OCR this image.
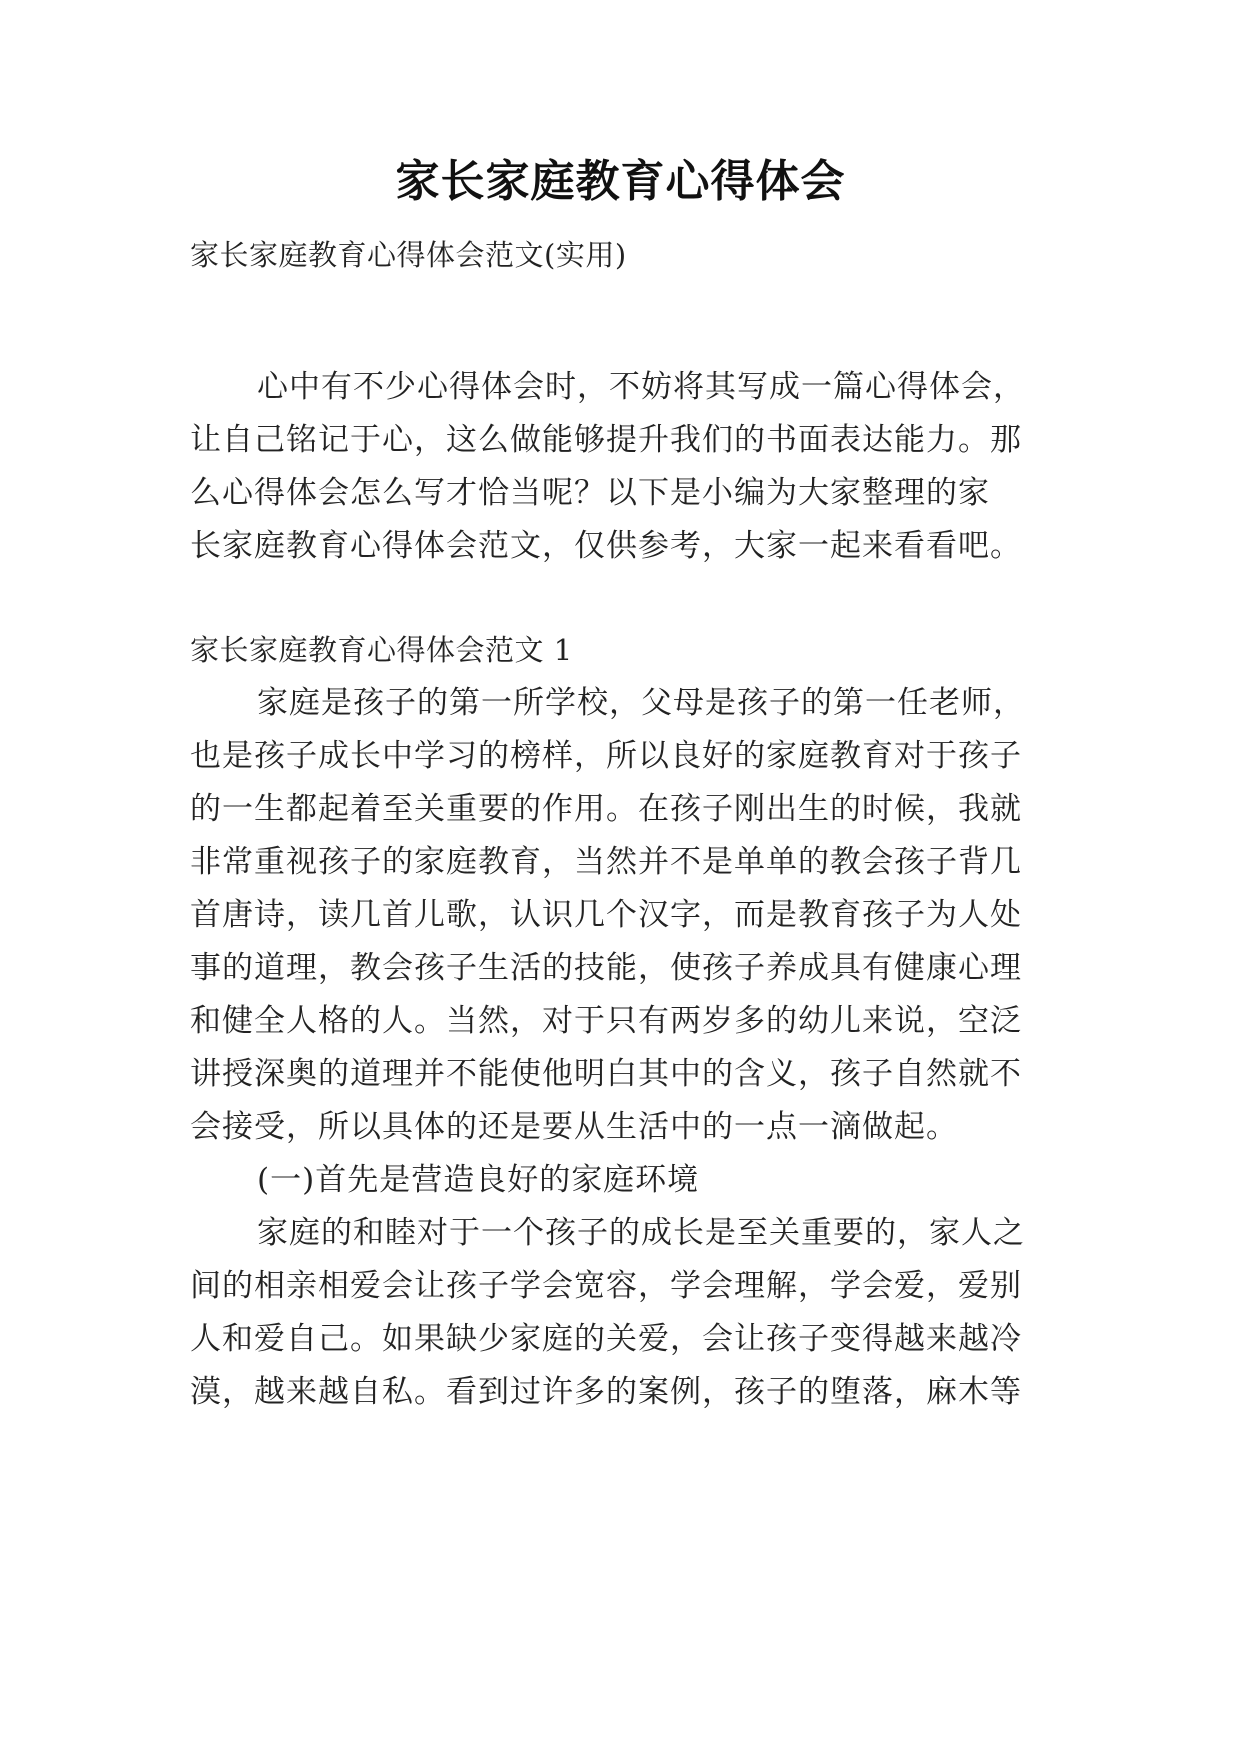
家长家庭教育心得体会
家长家庭教育心得体会范文(实用)
心中有不少心得体会时，不妨将其写成一篇心得体会，
让自己铭记于心，这么做能够提升我们的书面表达能力。那
么心得体会怎么写才恰当呢？以下是小编为大家整理的家
长家庭教育心得体会范文，仅供参考，大家一起来看看吧。
家长家庭教育心得体会范文 1
家庭是孩子的第一所学校，父母是孩子的第一任老师，
也是孩子成长中学习的榜样，所以良好的家庭教育对于孩子
的一生都起着至关重要的作用。在孩子刚出生的时候，我就
非常重视孩子的家庭教育，当然并不是单单的教会孩子背几
首唐诗，读几首儿歌，认识几个汉字，而是教育孩子为人处
事的道理，教会孩子生活的技能，使孩子养成具有健康心理
和健全人格的人。当然，对于只有两岁多的幼儿来说，空泛
讲授深奥的道理并不能使他明白其中的含义，孩子自然就不
会接受，所以具体的还是要从生活中的一点一滴做起。
(一)首先是营造良好的家庭环境
家庭的和睦对于一个孩子的成长是至关重要的，家人之
间的相亲相爱会让孩子学会宽容，学会理解，学会爱，爱别
人和爱自己。如果缺少家庭的关爱，会让孩子变得越来越冷
漠，越来越自私。看到过许多的案例，孩子的堕落，麻木等
